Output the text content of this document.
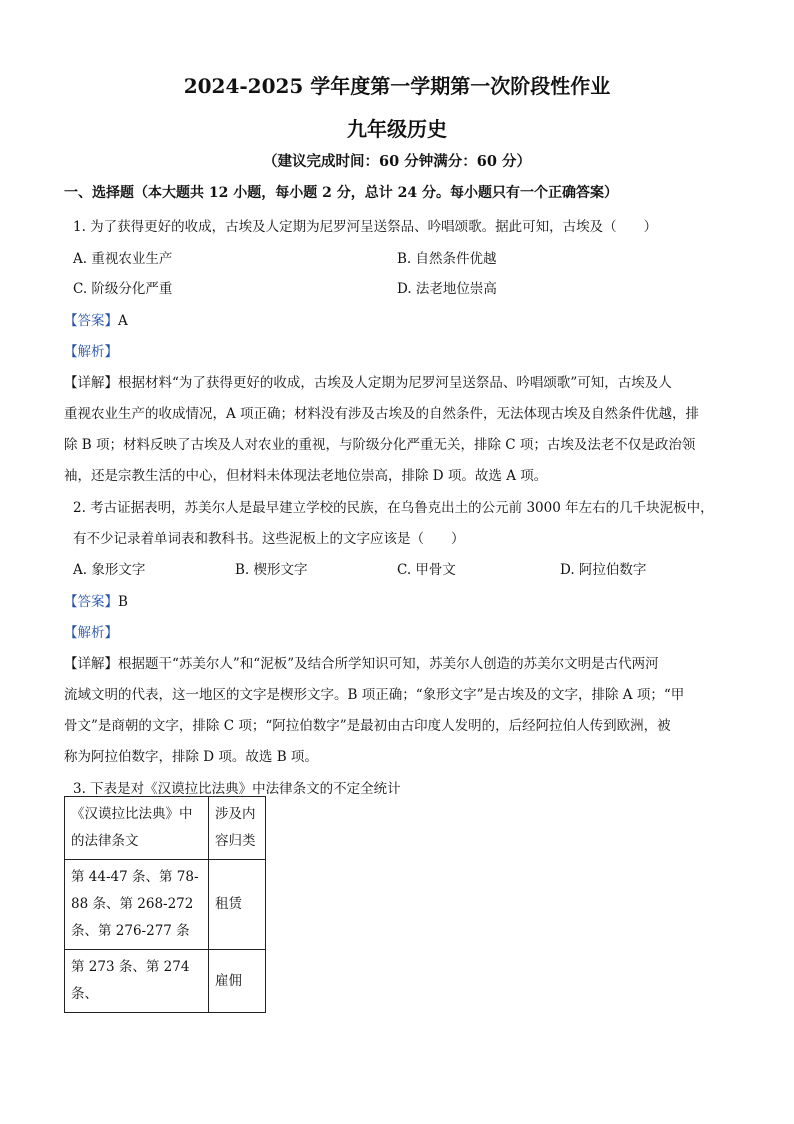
2024-2025 学年度第一学期第一次阶段性作业
九年级历史
（建议完成时间：60 分钟满分：60 分）
一、选择题（本大题共 12 小题，每小题 2 分，总计 24 分。每小题只有一个正确答案）
1. 为了获得更好的收成，古埃及人定期为尼罗河呈送祭品、吟唱颂歌。据此可知，古埃及（　　）
A. 重视农业生产	B. 自然条件优越
C. 阶级分化严重	D. 法老地位崇高
【答案】A
【解析】
【详解】根据材料“为了获得更好的收成，古埃及人定期为尼罗河呈送祭品、吟唱颂歌”可知，古埃及人
重视农业生产的收成情况，A 项正确；材料没有涉及古埃及的自然条件，无法体现古埃及自然条件优越，排
除 B 项；材料反映了古埃及人对农业的重视，与阶级分化严重无关，排除 C 项；古埃及法老不仅是政治领
袖，还是宗教生活的中心，但材料未体现法老地位崇高，排除 D 项。故选 A 项。
2. 考古证据表明，苏美尔人是最早建立学校的民族，在乌鲁克出土的公元前 3000 年左右的几千块泥板中，
有不少记录着单词表和教科书。这些泥板上的文字应该是（　　）
A. 象形文字	B. 楔形文字	C. 甲骨文	D. 阿拉伯数字
【答案】B
【解析】
【详解】根据题干“苏美尔人”和“泥板”及结合所学知识可知，苏美尔人创造的苏美尔文明是古代两河
流域文明的代表，这一地区的文字是楔形文字。B 项正确；“象形文字”是古埃及的文字，排除 A 项；“甲
骨文”是商朝的文字，排除 C 项；“阿拉伯数字”是最初由古印度人发明的，后经阿拉伯人传到欧洲，被
称为阿拉伯数字，排除 D 项。故选 B 项。
3. 下表是对《汉谟拉比法典》中法律条文的不定全统计
《汉谟拉比法典》中的法律条文	涉及内容归类
第 44-47 条、第 78-88 条、第 268-272 条、第 276-277 条	租赁
第 273 条、第 274 条、	雇佣
